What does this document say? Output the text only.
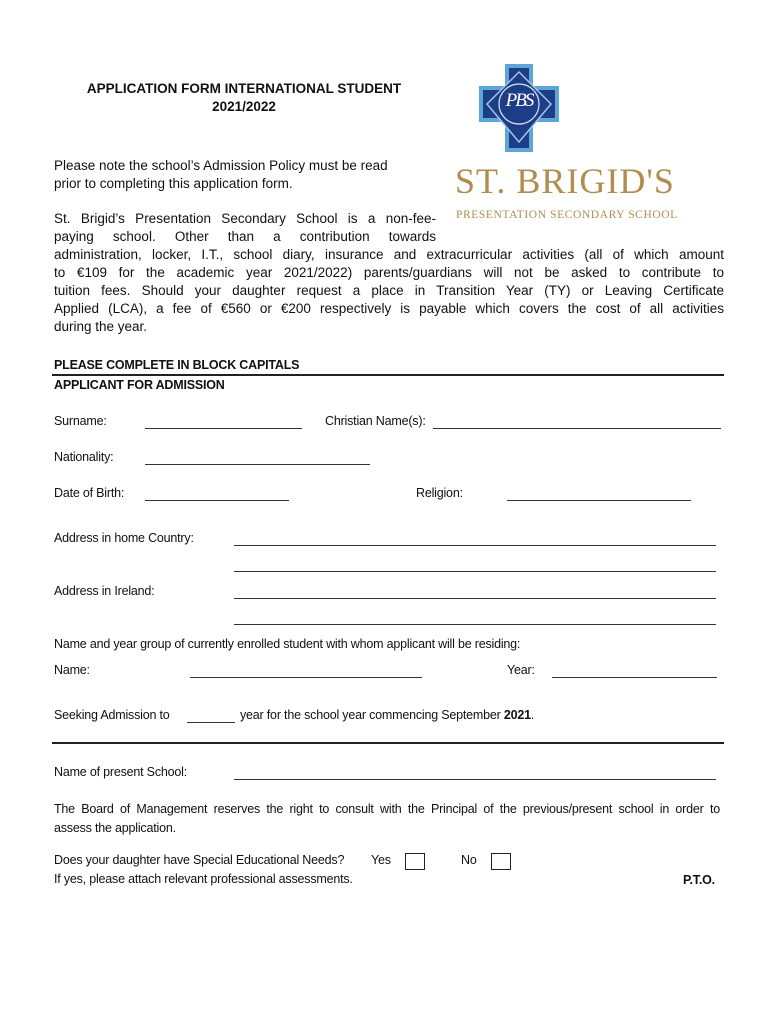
APPLICATION FORM INTERNATIONAL STUDENT
2021/2022	PBS
ST. BRIGID'S
PRESENTATION SECONDARY SCHOOL
Please note the school’s Admission Policy must be read
prior to completing this application form.
St. Brigid’s Presentation Secondary School is a non-fee-
paying school. Other than a contribution towards
administration, locker, I.T., school diary, insurance and extracurricular activities (all of which amount
to €109 for the academic year 2021/2022) parents/guardians will not be asked to contribute to
tuition fees. Should your daughter request a place in Transition Year (TY) or Leaving Certificate
Applied (LCA), a fee of €560 or €200 respectively is payable which covers the cost of all activities
during the year.
PLEASE COMPLETE IN BLOCK CAPITALS
APPLICANT FOR ADMISSION
Surname:	Christian Name(s):
Nationality:
Date of Birth:	Religion:
Address in home Country:
Address in Ireland:
Name and year group of currently enrolled student with whom applicant will be residing:
Name:	Year:
Seeking Admission to	year for the school year commencing September 2021.
Name of present School:
The Board of Management reserves the right to consult with the Principal of the previous/present school in order to
assess the application.
Does your daughter have Special Educational Needs? Yes	No
If yes, please attach relevant professional assessments.	P.T.O.
